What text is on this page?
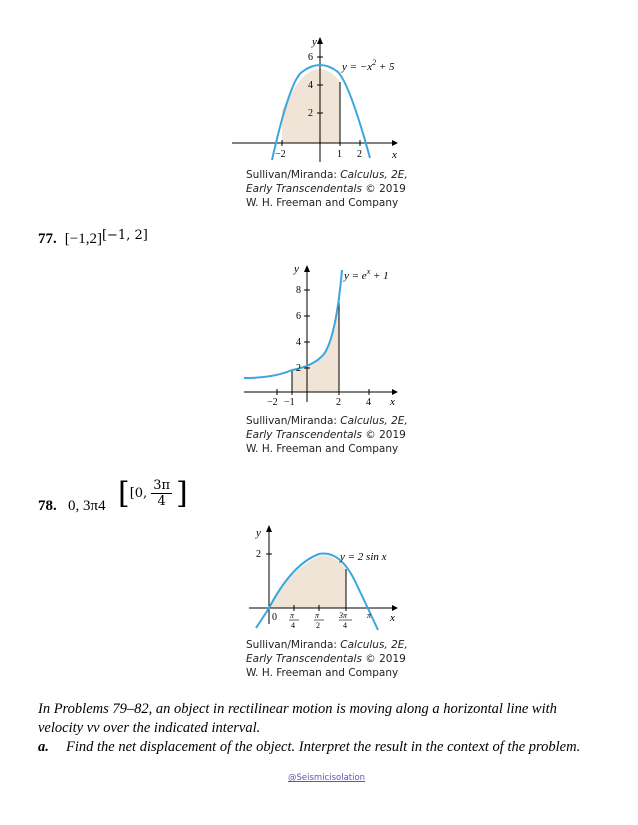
y
x
−2	1 2
6
4
2
$y = -x^2 + 5$
Sullivan/Miranda: Calculus, 2E,
Early Transcendentals © 2019
W. H. Freeman and Company
77. [−1,2][−1, 2]
y
x
−2 −1	2	4
8
6
4
2
$y = e^x + 1$
Sullivan/Miranda: Calculus, 2E,
Early Transcendentals © 2019
W. H. Freeman and Company
78. 0, 3π4 [ [0,
3π
4 ]
y
x
2
0 π
4
π
2
3π
4
π
y = 2 sin x
Sullivan/Miranda: Calculus, 2E,
Early Transcendentals © 2019
W. H. Freeman and Company
In Problems 79–82, an object in rectilinear motion is moving along a horizontal line with velocity vv over the indicated interval.
a. Find the net displacement of the object. Interpret the result in the context of the problem.
@Seismicisolation
